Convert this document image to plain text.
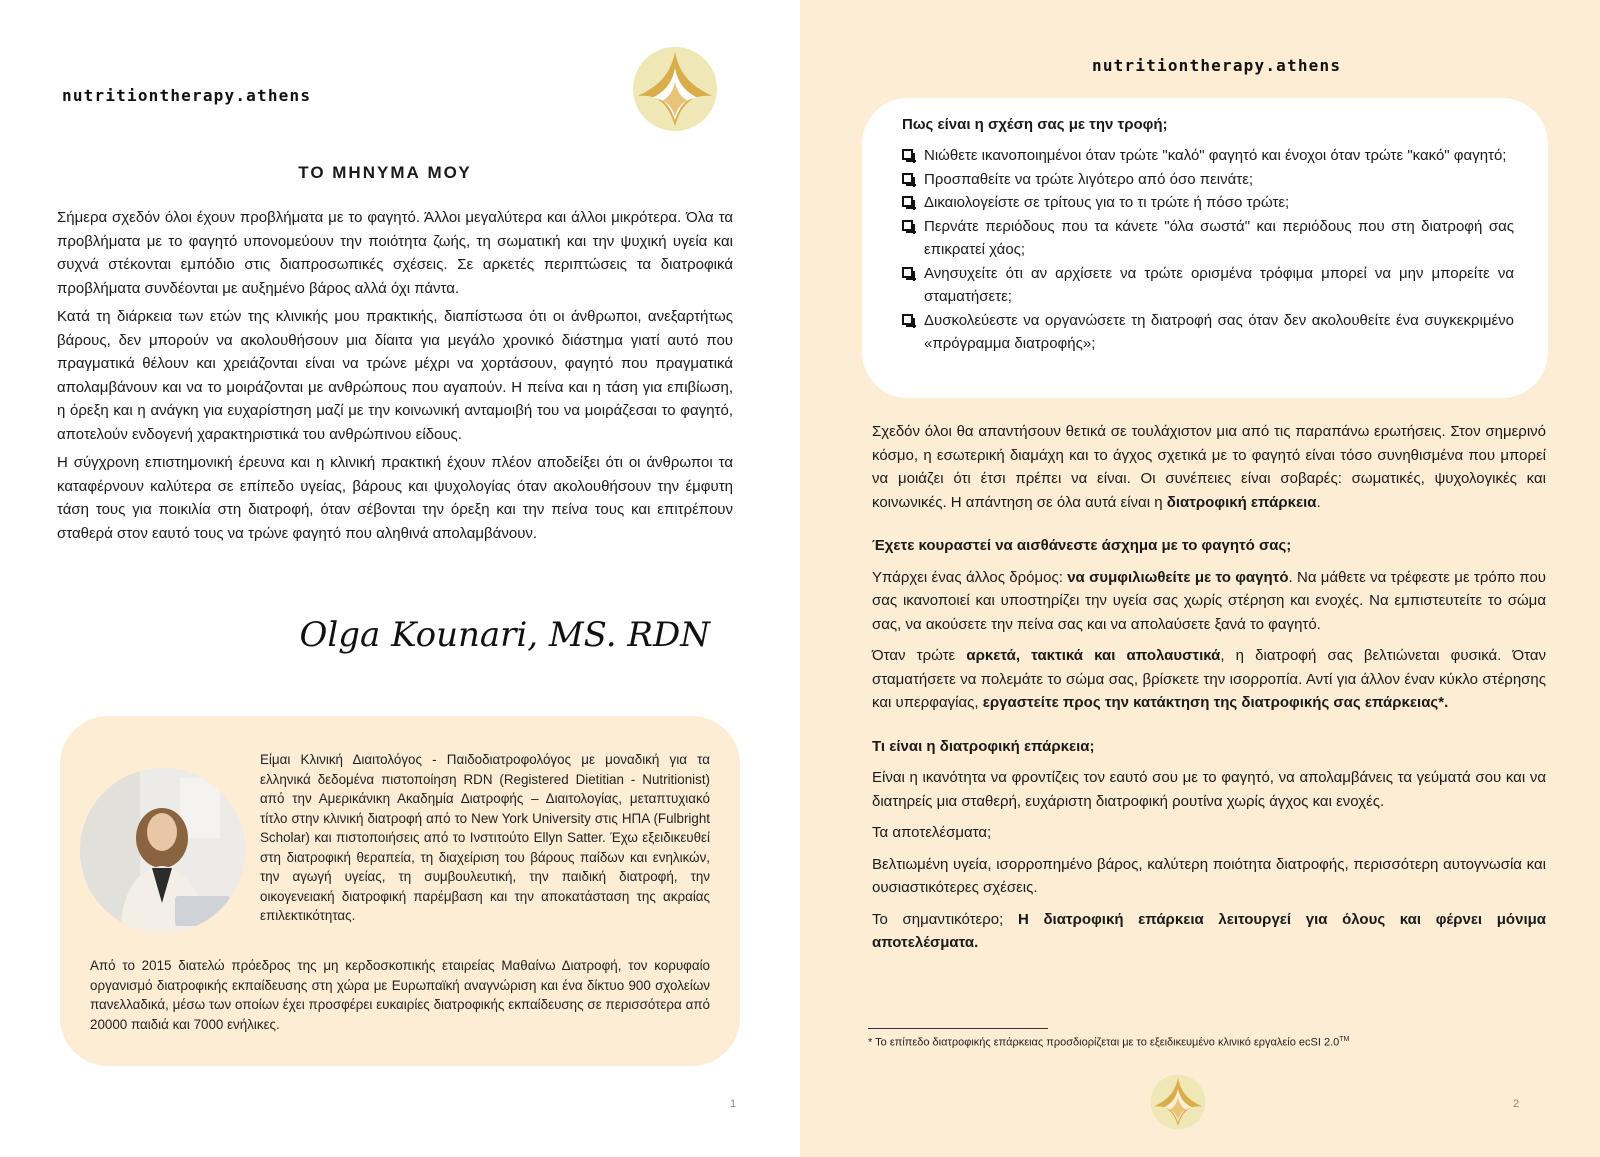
nutritiontherapy.athens
ΤΟ ΜΗΝΥΜΑ ΜΟΥ

Σήμερα σχεδόν όλοι έχουν προβλήματα με το φαγητό. Άλλοι μεγαλύτερα και άλλοι μικρότερα. Όλα τα προβλήματα με το φαγητό υπονομεύουν την ποιότητα ζωής, τη σωματική και την ψυχική υγεία και συχνά στέκονται εμπόδιο στις διαπροσωπικές σχέσεις. Σε αρκετές περιπτώσεις τα διατροφικά προβλήματα συνδέονται με αυξημένο βάρος αλλά όχι πάντα.

Κατά τη διάρκεια των ετών της κλινικής μου πρακτικής, διαπίστωσα ότι οι άνθρωποι, ανεξαρτήτως βάρους, δεν μπορούν να ακολουθήσουν μια δίαιτα για μεγάλο χρονικό διάστημα γιατί αυτό που πραγματικά θέλουν και χρειάζονται είναι να τρώνε μέχρι να χορτάσουν, φαγητό που πραγματικά απολαμβάνουν και να το μοιράζονται με ανθρώπους που αγαπούν. Η πείνα και η τάση για επιβίωση, η όρεξη και η ανάγκη για ευχαρίστηση μαζί με την κοινωνική ανταμοιβή του να μοιράζεσαι το φαγητό, αποτελούν ενδογενή χαρακτηριστικά του ανθρώπινου είδους.

Η σύγχρονη επιστημονική έρευνα και η κλινική πρακτική έχουν πλέον αποδείξει ότι οι άνθρωποι τα καταφέρνουν καλύτερα σε επίπεδο υγείας, βάρους και ψυχολογίας όταν ακολουθήσουν την έμφυτη τάση τους για ποικιλία στη διατροφή, όταν σέβονται την όρεξη και την πείνα τους και επιτρέπουν σταθερά στον εαυτό τους να τρώνε φαγητό που αληθινά απολαμβάνουν.

Olga Kounari, MS. RDN
Είμαι Κλινική Διαιτολόγος - Παιδοδιατροφολόγος με μοναδική για τα ελληνικά δεδομένα πιστοποίηση RDN (Registered Dietitian - Nutritionist) από την Αμερικάνικη Ακαδημία Διατροφής – Διαιτολογίας, μεταπτυχιακό τίτλο στην κλινική διατροφή από το New York University στις ΗΠΑ (Fulbright Scholar) και πιστοποιήσεις από το Ινστιτούτο Ellyn Satter. Έχω εξειδικευθεί στη διατροφική θεραπεία, τη διαχείριση του βάρους παίδων και ενηλικών, την αγωγή υγείας, τη συμβουλευτική, την παιδική διατροφή, την οικογενειακή διατροφική παρέμβαση και την αποκατάσταση της ακραίας επιλεκτικότητας.
Από το 2015 διατελώ πρόεδρος της μη κερδοσκοπικής εταιρείας Μαθαίνω Διατροφή, τον κορυφαίο οργανισμό διατροφικής εκπαίδευσης στη χώρα με Ευρωπαϊκή αναγνώριση και ένα δίκτυο 900 σχολείων πανελλαδικά, μέσω των οποίων έχει προσφέρει ευκαιρίες διατροφικής εκπαίδευσης σε περισσότερα από 20000 παιδιά και 7000 ενήλικες.
1
nutritiontherapy.athens
Πως είναι η σχέση σας με την τροφή;
Νιώθετε ικανοποιημένοι όταν τρώτε "καλό" φαγητό και ένοχοι όταν τρώτε "κακό" φαγητό;
Προσπαθείτε να τρώτε λιγότερο από όσο πεινάτε;
Δικαιολογείστε σε τρίτους για το τι τρώτε ή πόσο τρώτε;
Περνάτε περιόδους που τα κάνετε "όλα σωστά" και περιόδους που στη διατροφή σας επικρατεί χάος;
Ανησυχείτε ότι αν αρχίσετε να τρώτε ορισμένα τρόφιμα μπορεί να μην μπορείτε να σταματήσετε;
Δυσκολεύεστε να οργανώσετε τη διατροφή σας όταν δεν ακολουθείτε ένα συγκεκριμένο «πρόγραμμα διατροφής»;

Σχεδόν όλοι θα απαντήσουν θετικά σε τουλάχιστον μια από τις παραπάνω ερωτήσεις. Στον σημερινό κόσμο, η εσωτερική διαμάχη και το άγχος σχετικά με το φαγητό είναι τόσο συνηθισμένα που μπορεί να μοιάζει ότι έτσι πρέπει να είναι. Οι συνέπειες είναι σοβαρές: σωματικές, ψυχολογικές και κοινωνικές. Η απάντηση σε όλα αυτά είναι η διατροφική επάρκεια.

Έχετε κουραστεί να αισθάνεστε άσχημα με το φαγητό σας;

Υπάρχει ένας άλλος δρόμος: να συμφιλιωθείτε με το φαγητό. Να μάθετε να τρέφεστε με τρόπο που σας ικανοποιεί και υποστηρίζει την υγεία σας χωρίς στέρηση και ενοχές. Να εμπιστευτείτε το σώμα σας, να ακούσετε την πείνα σας και να απολαύσετε ξανά το φαγητό.

Όταν τρώτε αρκετά, τακτικά και απολαυστικά, η διατροφή σας βελτιώνεται φυσικά. Όταν σταματήσετε να πολεμάτε το σώμα σας, βρίσκετε την ισορροπία. Αντί για άλλον έναν κύκλο στέρησης και υπερφαγίας, εργαστείτε προς την κατάκτηση της διατροφικής σας επάρκειας*.

Τι είναι η διατροφική επάρκεια;

Είναι η ικανότητα να φροντίζεις τον εαυτό σου με το φαγητό, να απολαμβάνεις τα γεύματά σου και να διατηρείς μια σταθερή, ευχάριστη διατροφική ρουτίνα χωρίς άγχος και ενοχές.

Τα αποτελέσματα;

Βελτιωμένη υγεία, ισορροπημένο βάρος, καλύτερη ποιότητα διατροφής, περισσότερη αυτογνωσία και ουσιαστικότερες σχέσεις.

Το σημαντικότερο; Η διατροφική επάρκεια λειτουργεί για όλους και φέρνει μόνιμα αποτελέσματα.

* Το επίπεδο διατροφικής επάρκειας προσδιορίζεται με το εξειδικευμένο κλινικό εργαλείο ecSI 2.0™
2
